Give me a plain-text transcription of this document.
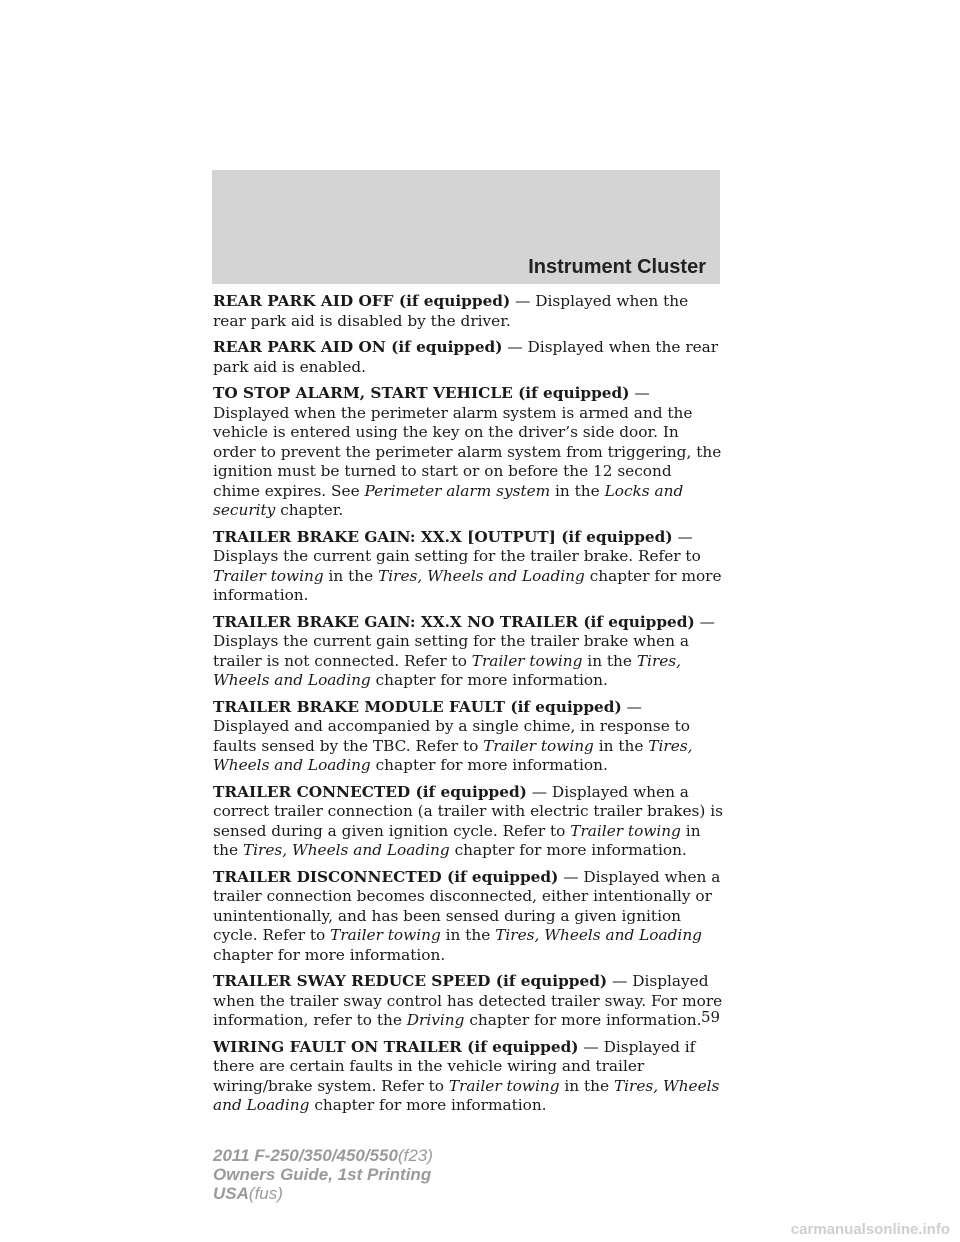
Instrument Cluster

REAR PARK AID OFF (if equipped) — Displayed when the rear park aid is disabled by the driver.

REAR PARK AID ON (if equipped) — Displayed when the rear park aid is enabled.

TO STOP ALARM, START VEHICLE (if equipped) — Displayed when the perimeter alarm system is armed and the vehicle is entered using the key on the driver’s side door. In order to prevent the perimeter alarm system from triggering, the ignition must be turned to start or on before the 12 second chime expires. See Perimeter alarm system in the Locks and security chapter.

TRAILER BRAKE GAIN: XX.X [OUTPUT] (if equipped) — Displays the current gain setting for the trailer brake. Refer to Trailer towing in the Tires, Wheels and Loading chapter for more information.

TRAILER BRAKE GAIN: XX.X NO TRAILER (if equipped) — Displays the current gain setting for the trailer brake when a trailer is not connected. Refer to Trailer towing in the Tires, Wheels and Loading chapter for more information.

TRAILER BRAKE MODULE FAULT (if equipped) — Displayed and accompanied by a single chime, in response to faults sensed by the TBC. Refer to Trailer towing in the Tires, Wheels and Loading chapter for more information.

TRAILER CONNECTED (if equipped) — Displayed when a correct trailer connection (a trailer with electric trailer brakes) is sensed during a given ignition cycle. Refer to Trailer towing in the Tires, Wheels and Loading chapter for more information.

TRAILER DISCONNECTED (if equipped) — Displayed when a trailer connection becomes disconnected, either intentionally or unintentionally, and has been sensed during a given ignition cycle. Refer to Trailer towing in the Tires, Wheels and Loading chapter for more information.

TRAILER SWAY REDUCE SPEED (if equipped) — Displayed when the trailer sway control has detected trailer sway. For more information, refer to the Driving chapter for more information.

WIRING FAULT ON TRAILER (if equipped) — Displayed if there are certain faults in the vehicle wiring and trailer wiring/brake system. Refer to Trailer towing in the Tires, Wheels and Loading chapter for more information.

59
2011 F-250/350/450/550(f23)
Owners Guide, 1st Printing
USA(fus)
carmanualsonline.info
